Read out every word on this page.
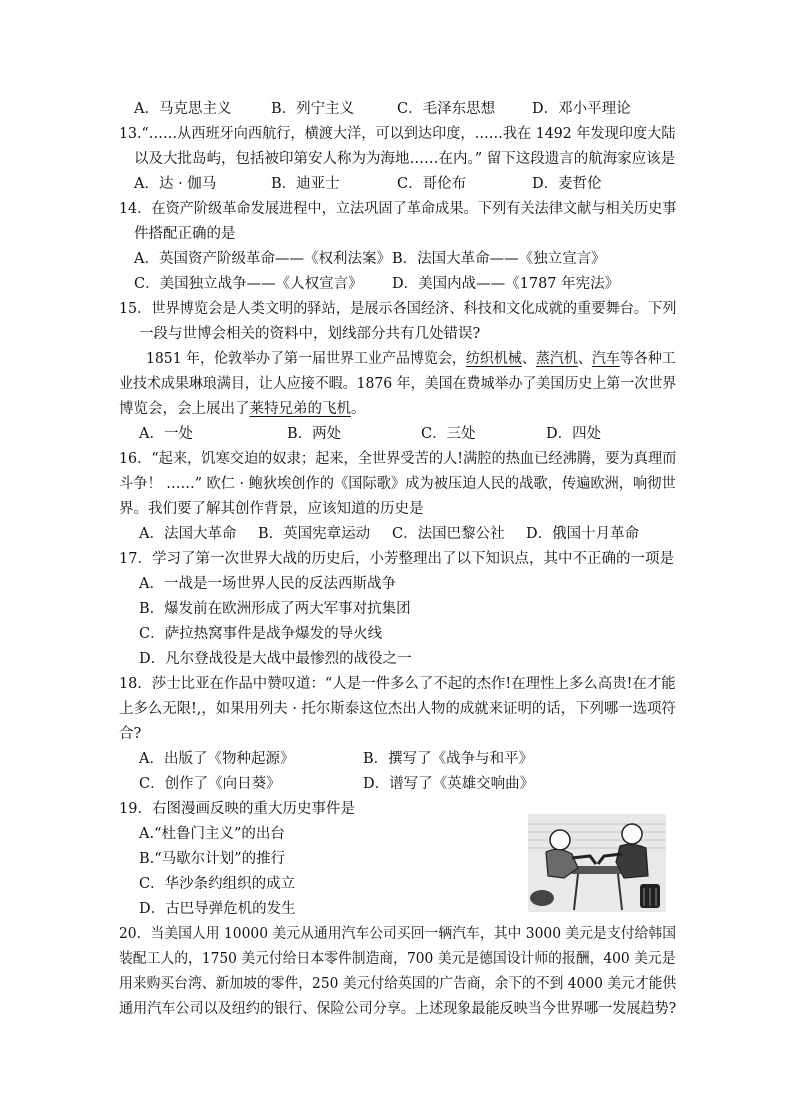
A．马克思主义	B．列宁主义	C．毛泽东思想	D．邓小平理论
13.“……从西班牙向西航行，横渡大洋，可以到达印度，……我在 1492 年发现印度大陆
以及大批岛屿，包括被印第安人称为为海地……在内。” 留下这段遗言的航海家应该是
A．达 · 伽马	B．迪亚士	C．哥伦布	D．麦哲伦
14．在资产阶级革命发展进程中，立法巩固了革命成果。下列有关法律文献与相关历史事
件搭配正确的是
A．英国资产阶级革命——《权利法案》 B．法国大革命——《独立宣言》
C．美国独立战争——《人权宣言》 D．美国内战——《1787 年宪法》
15．世界博览会是人类文明的驿站，是展示各国经济、科技和文化成就的重要舞台。下列
一段与世博会相关的资料中，划线部分共有几处错误?
1851 年，伦敦举办了第一届世界工业产品博览会，纺织机械、蒸汽机、汽车等各种工
业技术成果琳琅满目，让人应接不暇。1876 年，美国在费城举办了美国历史上第一次世界
博览会，会上展出了莱特兄弟的飞机。
A．一处	B．两处	C．三处	D．四处
16．“起来，饥寒交迫的奴隶；起来，全世界受苦的人!满腔的热血已经沸腾，要为真理而
斗争！ ……” 欧仁 · 鲍狄埃创作的《国际歌》成为被压迫人民的战歌，传遍欧洲，响彻世
界。我们要了解其创作背景，应该知道的历史是
A．法国大革命 B．英国宪章运动 C．法国巴黎公社 D．俄国十月革命
17．学习了第一次世界大战的历史后，小芳整理出了以下知识点，其中不正确的一项是
A．一战是一场世界人民的反法西斯战争
B．爆发前在欧洲形成了两大军事对抗集团
C．萨拉热窝事件是战争爆发的导火线
D．凡尔登战役是大战中最惨烈的战役之一
18．莎士比亚在作品中赞叹道：“人是一件多么了不起的杰作!在理性上多么高贵!在才能
上多么无限!,，如果用列夫 · 托尔斯泰这位杰出人物的成就来证明的话，下列哪一选项符
合?
A．出版了《物种起源》	B．撰写了《战争与和平》
C．创作了《向日葵》	D．谱写了《英雄交响曲》
19．右图漫画反映的重大历史事件是
A.“杜鲁门主义”的出台
B.“马歇尔计划”的推行
C．华沙条约组织的成立
D．古巴导弹危机的发生
20．当美国人用 10000 美元从通用汽车公司买回一辆汽车，其中 3000 美元是支付给韩国
装配工人的，1750 美元付给日本零件制造商，700 美元是德国设计师的报酬，400 美元是
用来购买台湾、新加坡的零件，250 美元付给英国的广告商，余下的不到 4000 美元才能供
通用汽车公司以及纽约的银行、保险公司分享。上述现象最能反映当今世界哪一发展趋势?
